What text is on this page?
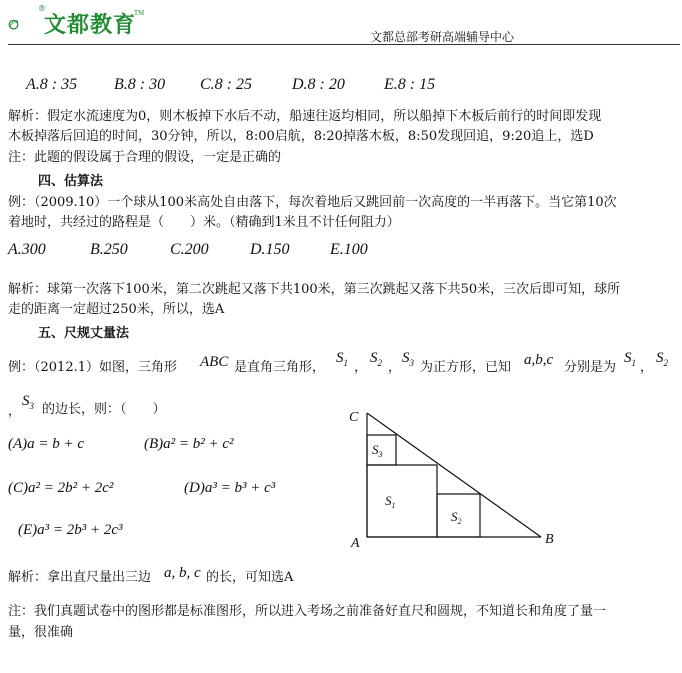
文都教育
®
TM
文都总部考研高端辅导中心
A.8 : 35 B.8 : 30 C.8 : 25	D.8 : 20 E.8 : 15
解析：假定水流速度为0，则木板掉下水后不动，船速往返均相同，所以船掉下木板后前行的时间即发现
木板掉落后回追的时间，30分钟，所以，8:00启航，8:20掉落木板，8:50发现回追，9:20追上，选D
注：此题的假设属于合理的假设，一定是正确的
四、估算法
例：（2009.10）一个球从100米高处自由落下，每次着地后又跳回前一次高度的一半再落下。当它第10次
着地时，共经过的路程是（　　）米。（精确到1米且不计任何阻力）
A.300	B.250	C.200	D.150	E.100
解析：球第一次落下100米，第二次跳起又落下共100米，第三次跳起又落下共50米，三次后即可知，球所
走的距离一定超过250米，所以，选A
五、尺规丈量法
例：（2012.1）如图，三角形 ABC 是直角三角形，
$S_1$ ，
$S_2$ ，
$S_3$ 为正方形，已知 a,b,c 分别是为
$S_1$ ，
$S_2$
，
$S_3$ 的边长，则：（　　）
(A)a = b + c	(B)a² = b² + c²
(C)a² = 2b² + 2c²	(D)a³ = b³ + c³
(E)a³ = 2b³ + 2c³
C
A	B
$S_1$
$S_2$
$S_3$
解析：拿出直尺量出三边 a, b, c 的长，可知选A
注：我们真题试卷中的图形都是标准图形，所以进入考场之前准备好直尺和圆规，不知道长和角度了量一
量，很准确
